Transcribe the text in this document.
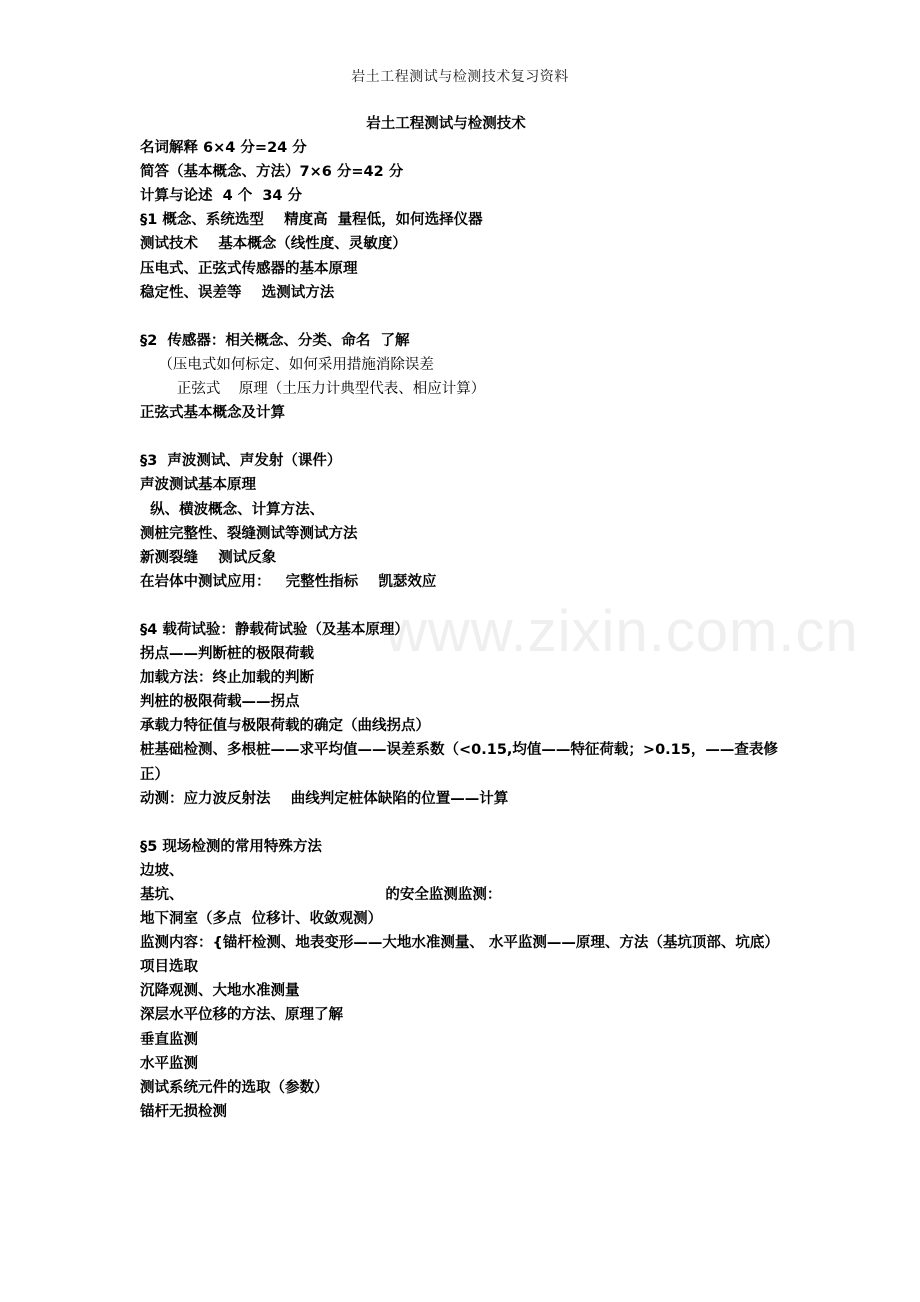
岩土工程测试与检测技术复习资料
www.zixin.com.cn
岩土工程测试与检测技术
名词解释 6×4 分=24 分
简答（基本概念、方法）7×6 分=42 分
计算与论述  4 个  34 分
§1 概念、系统选型    精度高  量程低，如何选择仪器
测试技术    基本概念（线性度、灵敏度）
压电式、正弦式传感器的基本原理
稳定性、误差等    选测试方法
§2  传感器：相关概念、分类、命名  了解
（压电式如何标定、如何采用措施消除误差
正弦式    原理（土压力计典型代表、相应计算）
正弦式基本概念及计算
§3  声波测试、声发射（课件）
声波测试基本原理
纵、横波概念、计算方法、
测桩完整性、裂缝测试等测试方法
新测裂缝    测试反象
在岩体中测试应用：   完整性指标    凯瑟效应
§4 载荷试验：静载荷试验（及基本原理）
拐点——判断桩的极限荷载
加载方法：终止加载的判断
判桩的极限荷载——拐点
承载力特征值与极限荷载的确定（曲线拐点）
桩基础检测、多根桩——求平均值——误差系数（<0.15,均值——特征荷载；>0.15，——查表修正）
动测：应力波反射法    曲线判定桩体缺陷的位置——计算
§5 现场检测的常用特殊方法
边坡、
基坑、                                        的安全监测监测：
地下洞室（多点  位移计、收敛观测）
监测内容：{锚杆检测、地表变形——大地水准测量、 水平监测——原理、方法（基坑顶部、坑底）
项目选取
沉降观测、大地水准测量
深层水平位移的方法、原理了解
垂直监测
水平监测
测试系统元件的选取（参数）
锚杆无损检测
